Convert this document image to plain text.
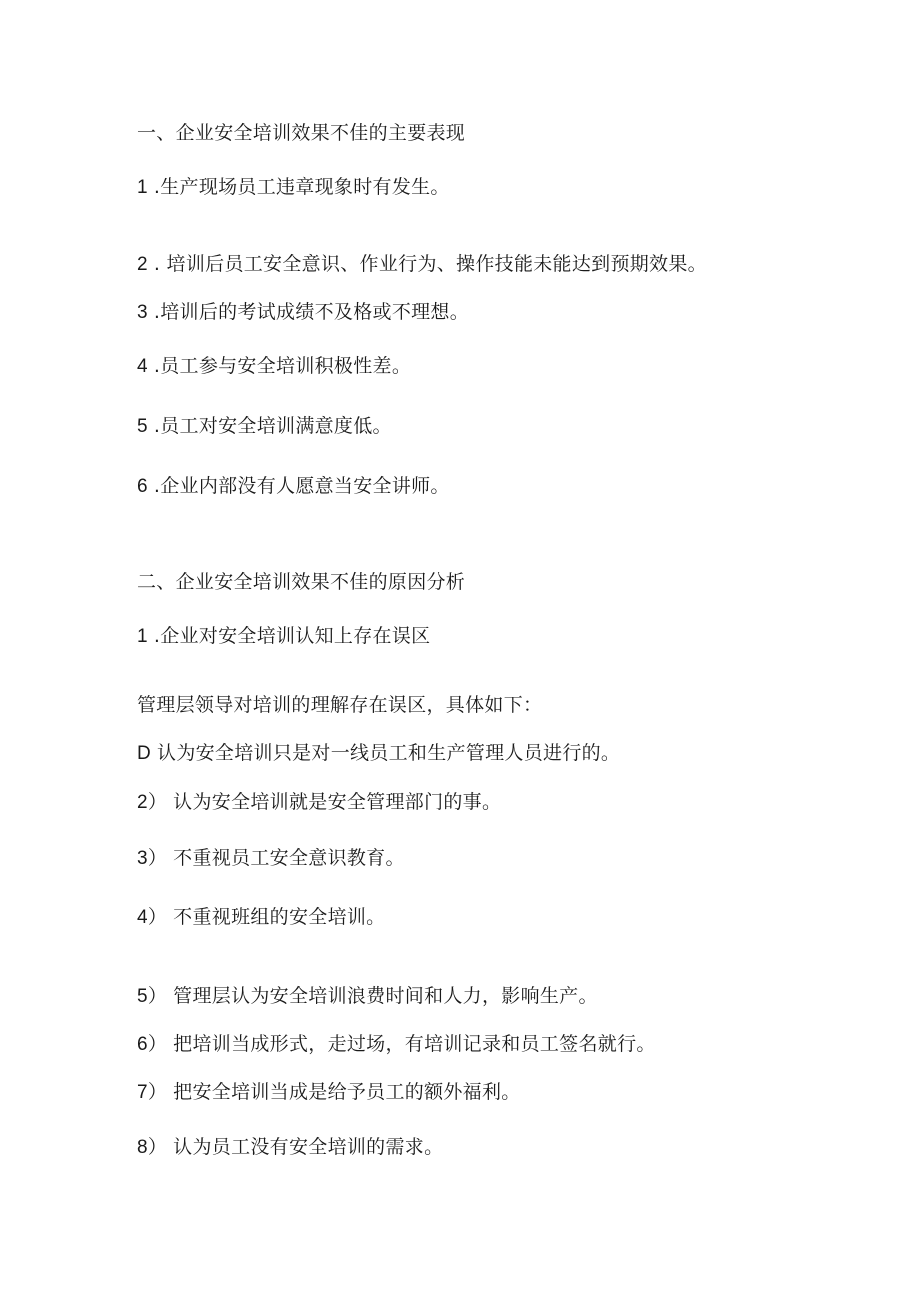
一、企业安全培训效果不佳的主要表现
1 .生产现场员工违章现象时有发生。
2 . 培训后员工安全意识、作业行为、操作技能未能达到预期效果。
3 .培训后的考试成绩不及格或不理想。
4 .员工参与安全培训积极性差。
5 .员工对安全培训满意度低。
6 .企业内部没有人愿意当安全讲师。
二、企业安全培训效果不佳的原因分析
1 .企业对安全培训认知上存在误区
管理层领导对培训的理解存在误区，具体如下：
D 认为安全培训只是对一线员工和生产管理人员进行的。
2） 认为安全培训就是安全管理部门的事。
3） 不重视员工安全意识教育。
4） 不重视班组的安全培训。
5） 管理层认为安全培训浪费时间和人力，影响生产。
6） 把培训当成形式，走过场，有培训记录和员工签名就行。
7） 把安全培训当成是给予员工的额外福利。
8） 认为员工没有安全培训的需求。
